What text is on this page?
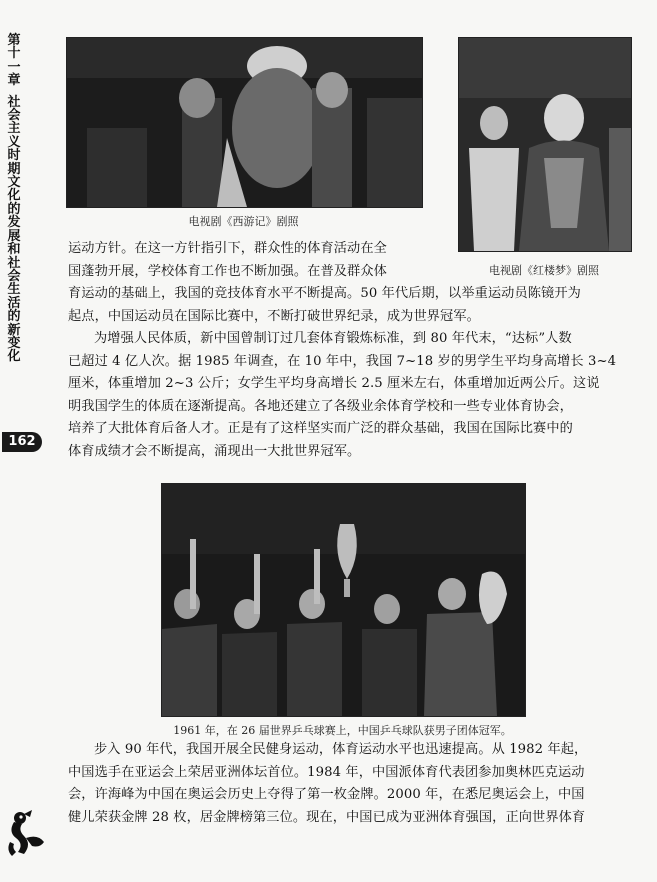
第
十
一
章
社
会
主
义
时
期
文
化
的
发
展
和
社
会
生
活
的
新
变
化
162
电视剧《西游记》剧照
电视剧《红楼梦》剧照
运动方针。在这一方针指引下，群众性的体育活动在全
国蓬勃开展，学校体育工作也不断加强。在普及群众体
育运动的基础上，我国的竞技体育水平不断提高。50 年代后期，以举重运动员陈镜开为
起点，中国运动员在国际比赛中，不断打破世界纪录，成为世界冠军。
为增强人民体质，新中国曾制订过几套体育锻炼标准，到 80 年代末，“达标”人数
已超过 4 亿人次。据 1985 年调查，在 10 年中，我国 7~18 岁的男学生平均身高增长 3~4
厘米，体重增加 2~3 公斤；女学生平均身高增长 2.5 厘米左右，体重增加近两公斤。这说
明我国学生的体质在逐渐提高。各地还建立了各级业余体育学校和一些专业体育协会，
培养了大批体育后备人才。正是有了这样坚实而广泛的群众基础，我国在国际比赛中的
体育成绩才会不断提高，涌现出一大批世界冠军。
1961 年，在 26 届世界乒乓球赛上，中国乒乓球队获男子团体冠军。
步入 90 年代，我国开展全民健身运动，体育运动水平也迅速提高。从 1982 年起，
中国选手在亚运会上荣居亚洲体坛首位。1984 年，中国派体育代表团参加奥林匹克运动
会，许海峰为中国在奥运会历史上夺得了第一枚金牌。2000 年，在悉尼奥运会上，中国
健儿荣获金牌 28 枚，居金牌榜第三位。现在，中国已成为亚洲体育强国，正向世界体育
